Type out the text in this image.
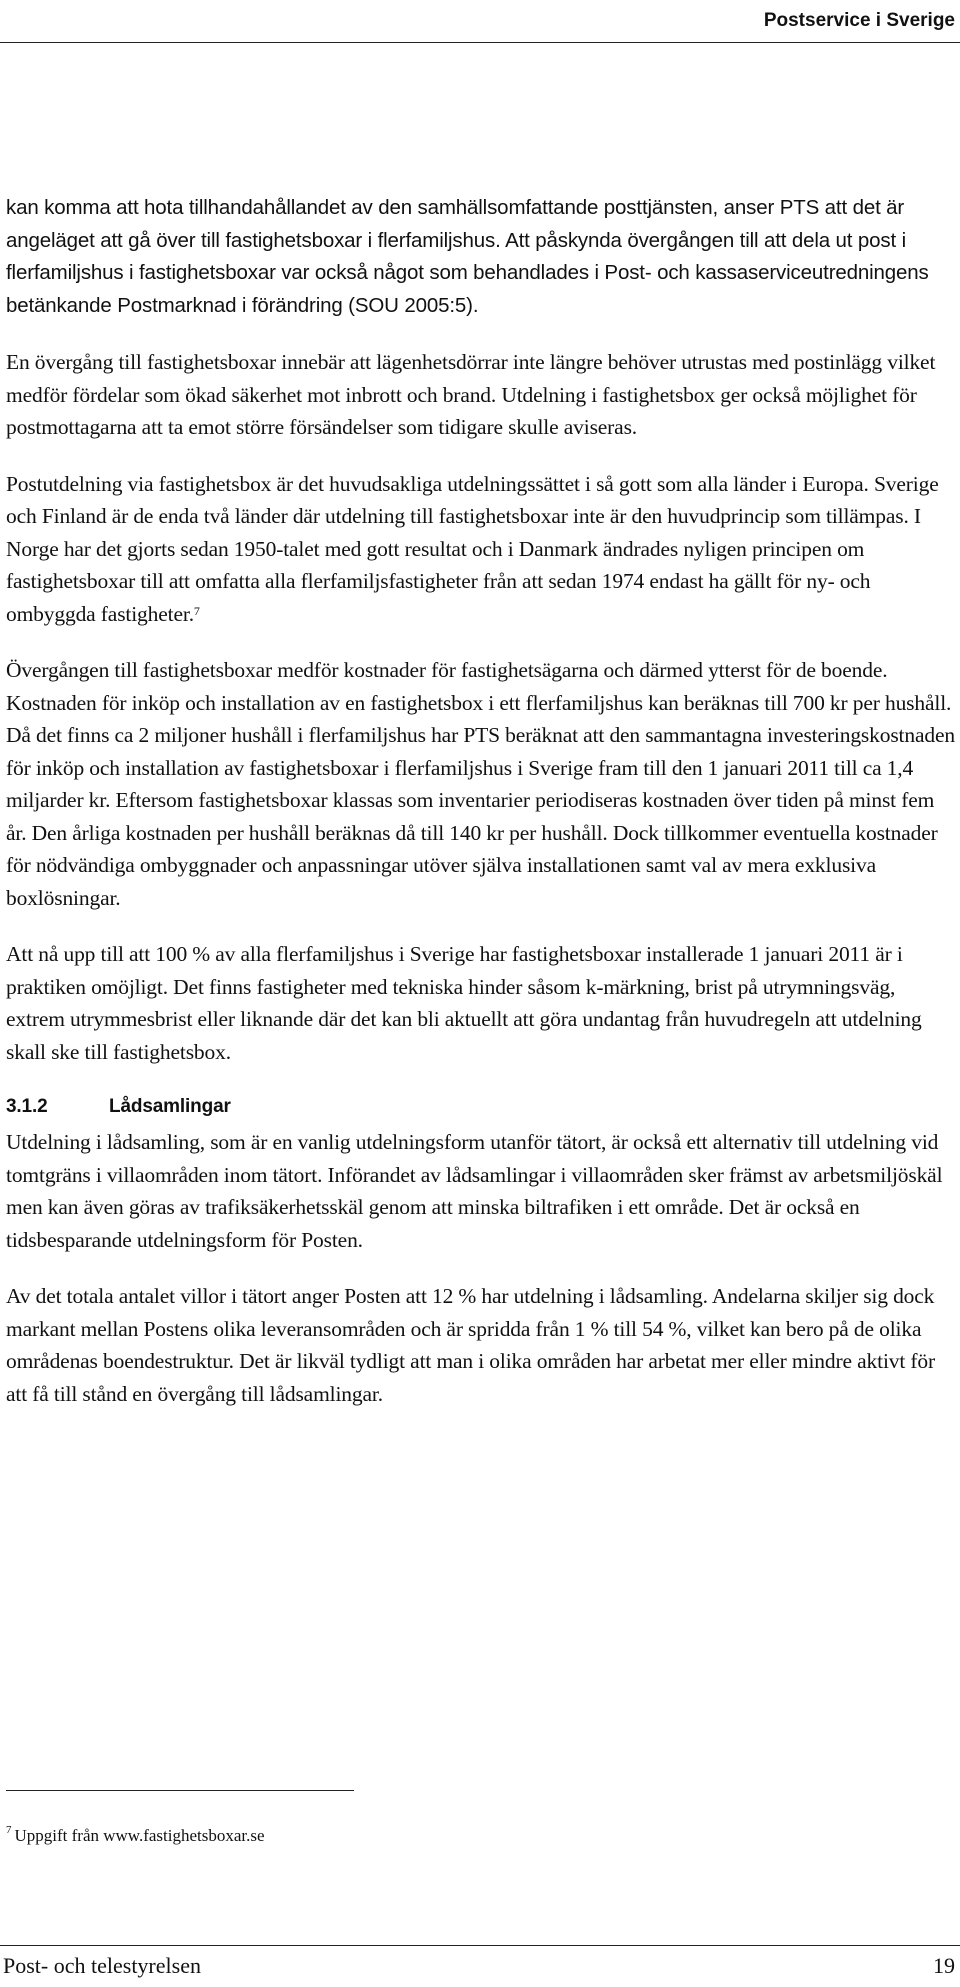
Postservice i Sverige

kan komma att hota tillhandahållandet av den samhällsomfattande posttjänsten, anser PTS att det är angeläget att gå över till fastighetsboxar i flerfamiljshus. Att påskynda övergången till att dela ut post i flerfamiljshus i fastighetsboxar var också något som behandlades i Post- och kassaserviceutredningens betänkande Postmarknad i förändring (SOU 2005:5).

En övergång till fastighetsboxar innebär att lägenhetsdörrar inte längre behöver utrustas med postinlägg vilket medför fördelar som ökad säkerhet mot inbrott och brand. Utdelning i fastighetsbox ger också möjlighet för postmottagarna att ta emot större försändelser som tidigare skulle aviseras.

Postutdelning via fastighetsbox är det huvudsakliga utdelningssättet i så gott som alla länder i Europa. Sverige och Finland är de enda två länder där utdelning till fastighetsboxar inte är den huvudprincip som tillämpas. I Norge har det gjorts sedan 1950-talet med gott resultat och i Danmark ändrades nyligen principen om fastighetsboxar till att omfatta alla flerfamiljsfastigheter från att sedan 1974 endast ha gällt för ny- och ombyggda fastigheter.$^7$

Övergången till fastighetsboxar medför kostnader för fastighetsägarna och därmed ytterst för de boende. Kostnaden för inköp och installation av en fastighetsbox i ett flerfamiljshus kan beräknas till 700 kr per hushåll. Då det finns ca 2 miljoner hushåll i flerfamiljshus har PTS beräknat att den sammantagna investeringskostnaden för inköp och installation av fastighetsboxar i flerfamiljshus i Sverige fram till den 1 januari 2011 till ca 1,4 miljarder kr. Eftersom fastighetsboxar klassas som inventarier periodiseras kostnaden över tiden på minst fem år. Den årliga kostnaden per hushåll beräknas då till 140 kr per hushåll. Dock tillkommer eventuella kostnader för nödvändiga ombyggnader och anpassningar utöver själva installationen samt val av mera exklusiva boxlösningar.

Att nå upp till att 100 % av alla flerfamiljshus i Sverige har fastighetsboxar installerade 1 januari 2011 är i praktiken omöjligt. Det finns fastigheter med tekniska hinder såsom k-märkning, brist på utrymningsväg, extrem utrymmesbrist eller liknande där det kan bli aktuellt att göra undantag från huvudregeln att utdelning skall ske till fastighetsbox.

3.1.2	Lådsamlingar

Utdelning i lådsamling, som är en vanlig utdelningsform utanför tätort, är också ett alternativ till utdelning vid tomtgräns i villaområden inom tätort. Införandet av lådsamlingar i villaområden sker främst av arbetsmiljöskäl men kan även göras av trafiksäkerhetsskäl genom att minska biltrafiken i ett område. Det är också en tidsbesparande utdelningsform för Posten.

Av det totala antalet villor i tätort anger Posten att 12 % har utdelning i lådsamling. Andelarna skiljer sig dock markant mellan Postens olika leveransområden och är spridda från 1 % till 54 %, vilket kan bero på de olika områdenas boendestruktur. Det är likväl tydligt att man i olika områden har arbetat mer eller mindre aktivt för att få till stånd en övergång till lådsamlingar.

$^7$ Uppgift från www.fastighetsboxar.se
Post- och telestyrelsen	19
